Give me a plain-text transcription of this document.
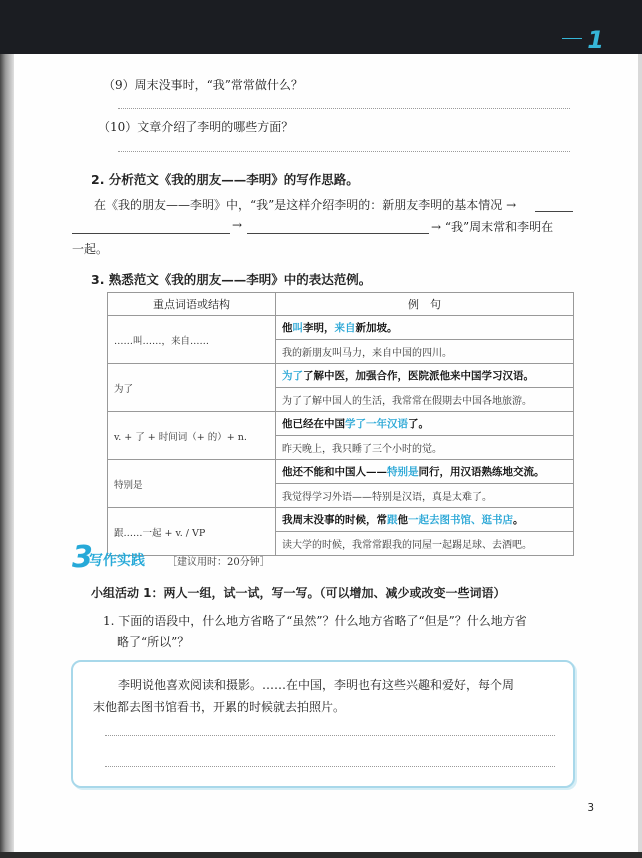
1
（9）周末没事时，“我”常常做什么？
（10）文章介绍了李明的哪些方面？
2. 分析范文《我的朋友——李明》的写作思路。
在《我的朋友——李明》中，“我”是这样介绍李明的：新朋友李明的基本情况 →
→	→ “我”周末常和李明在
一起。
3. 熟悉范文《我的朋友——李明》中的表达范例。
重点词语或结构	例　句
……叫……，来自……	他叫李明，来自新加坡。
	我的新朋友叫马力，来自中国的四川。
为了	为了了解中医，加强合作，医院派他来中国学习汉语。
	为了了解中国人的生活，我常常在假期去中国各地旅游。
v. + 了 + 时间词（+ 的）+ n.	他已经在中国学了一年汉语了。
	昨天晚上，我只睡了三个小时的觉。
特别是	他还不能和中国人——特别是同行，用汉语熟练地交流。
	我觉得学习外语——特别是汉语，真是太难了。
跟……一起 + v. / VP	我周末没事的时候，常跟他一起去图书馆、逛书店。
	读大学的时候，我常常跟我的同屋一起踢足球、去酒吧。
3
写作实践 ［建议用时：20分钟］
小组活动 1：两人一组，试一试，写一写。（可以增加、减少或改变一些词语）
1. 下面的语段中，什么地方省略了“虽然”？什么地方省略了“但是”？什么地方省
略了“所以”？
李明说他喜欢阅读和摄影。……在中国，李明也有这些兴趣和爱好，每个周
末他都去图书馆看书，开累的时候就去拍照片。
3
